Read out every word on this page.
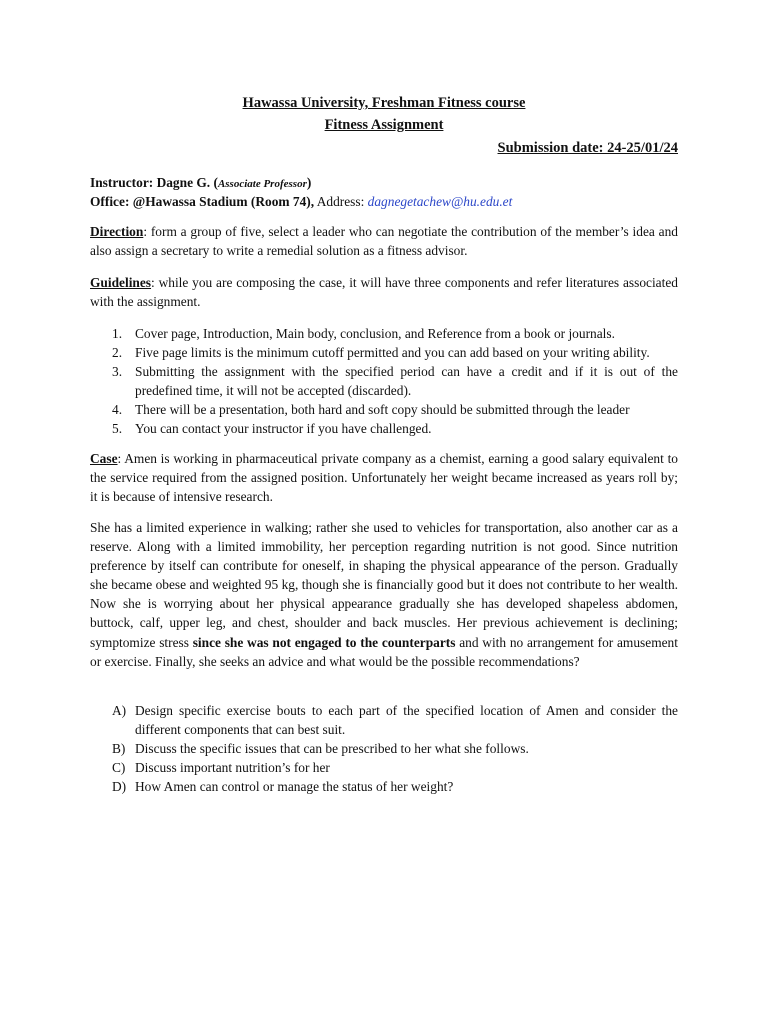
Hawassa University, Freshman Fitness course
Fitness Assignment
Submission date: 24-25/01/24
Instructor: Dagne G. (Associate Professor)
Office: @Hawassa Stadium (Room 74), Address: dagnegetachew@hu.edu.et
Direction: form a group of five, select a leader who can negotiate the contribution of the member’s idea and also assign a secretary to write a remedial solution as a fitness advisor.
Guidelines: while you are composing the case, it will have three components and refer literatures associated with the assignment.
1. Cover page, Introduction, Main body, conclusion, and Reference from a book or journals.
2. Five page limits is the minimum cutoff permitted and you can add based on your writing ability.
3. Submitting the assignment with the specified period can have a credit and if it is out of the predefined time, it will not be accepted (discarded).
4. There will be a presentation, both hard and soft copy should be submitted through the leader
5. You can contact your instructor if you have challenged.
Case: Amen is working in pharmaceutical private company as a chemist, earning a good salary equivalent to the service required from the assigned position. Unfortunately her weight became increased as years roll by; it is because of intensive research.
She has a limited experience in walking; rather she used to vehicles for transportation, also another car as a reserve. Along with a limited immobility, her perception regarding nutrition is not good. Since nutrition preference by itself can contribute for oneself, in shaping the physical appearance of the person. Gradually she became obese and weighted 95 kg, though she is financially good but it does not contribute to her wealth. Now she is worrying about her physical appearance gradually she has developed shapeless abdomen, buttock, calf, upper leg, and chest, shoulder and back muscles. Her previous achievement is declining; symptomize stress since she was not engaged to the counterparts and with no arrangement for amusement or exercise. Finally, she seeks an advice and what would be the possible recommendations?
A) Design specific exercise bouts to each part of the specified location of Amen and consider the different components that can best suit.
B) Discuss the specific issues that can be prescribed to her what she follows.
C) Discuss important nutrition’s for her
D) How Amen can control or manage the status of her weight?
